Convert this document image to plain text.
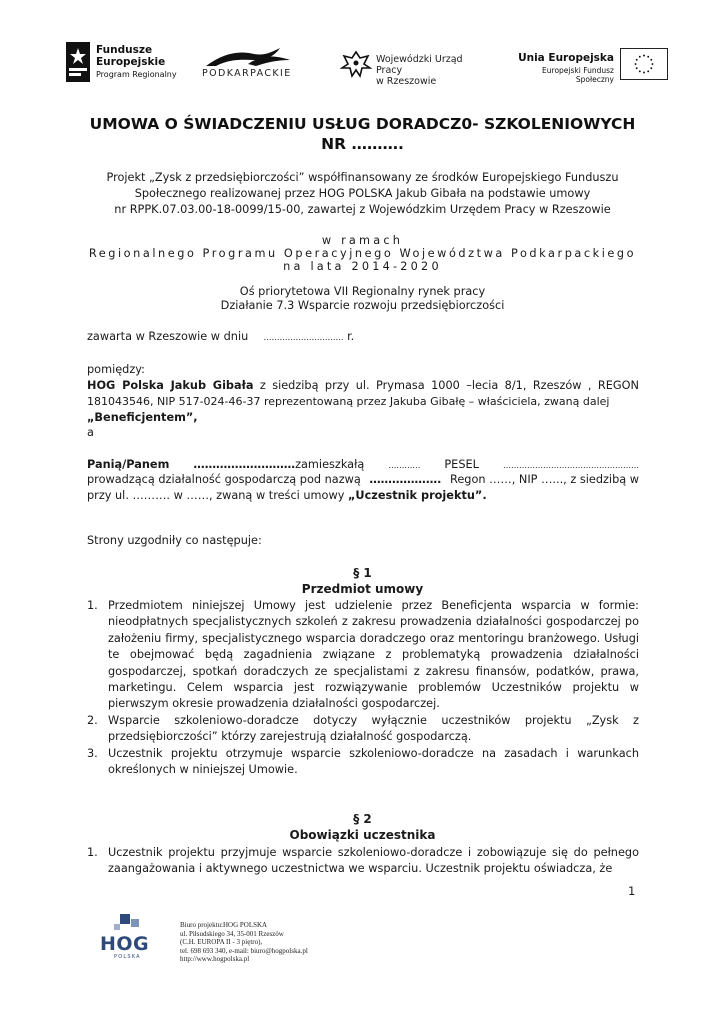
Fundusze
Europejskie
Program Regionalny	PODKARPACKIE
Wojewódzki Urząd Pracy
w Rzeszowie
Unia Europejska
Europejski Fundusz Społeczny
UMOWA O ŚWIADCZENIU USŁUG DORADCZ0- SZKOLENIOWYCH
NR ……….
Projekt „Zysk z przedsiębiorczości” współfinansowany ze środków Europejskiego Funduszu
Społecznego realizowanej przez HOG POLSKA Jakub Gibała na podstawie umowy
nr RPPK.07.03.00-18-0099/15-00, zawartej z Wojewódzkim Urzędem Pracy w Rzeszowie
w ramach
Regionalnego Programu Operacyjnego Województwa Podkarpackiego
na lata 2014-2020
Oś priorytetowa VII Regionalny rynek pracy
Działanie 7.3 Wsparcie rozwoju przedsiębiorczości
zawarta w Rzeszowie w dniu ………………………… r.
pomiędzy:
HOG Polska Jakub Gibała z siedzibą przy ul. Prymasa 1000 –lecia 8/1, Rzeszów , REGON
181043546, NIP 517-024-46-37 reprezentowaną przez Jakuba Gibałę – właściciela, zwaną dalej
„Beneficjentem”,
a
Panią/Panem ………………………zamieszkałą	………… PESEL	……………………………………………
prowadzącą działalność gospodarczą pod nazwą ………………. Regon ……, NIP …..., z siedzibą w
przy ul. ………. w ……, zwaną w treści umowy „Uczestnik projektu”.
Strony uzgodniły co następuje:
§ 1
Przedmiot umowy
1. Przedmiotem niniejszej Umowy jest udzielenie przez Beneficjenta wsparcia w formie: nieodpłatnych specjalistycznych szkoleń z zakresu prowadzenia działalności gospodarczej po założeniu firmy, specjalistycznego wsparcia doradczego oraz mentoringu branżowego. Usługi te obejmować będą zagadnienia związane z problematyką prowadzenia działalności gospodarczej, spotkań doradczych ze specjalistami z zakresu finansów, podatków, prawa, marketingu. Celem wsparcia jest rozwiązywanie problemów Uczestników projektu w pierwszym okresie prowadzenia działalności gospodarczej.
2. Wsparcie szkoleniowo-doradcze dotyczy wyłącznie uczestników projektu „Zysk z przedsiębiorczości” którzy zarejestrują działalność gospodarczą.
3. Uczestnik projektu otrzymuje wsparcie szkoleniowo-doradcze na zasadach i warunkach określonych w niniejszej Umowie.
§ 2
Obowiązki uczestnika
1. Uczestnik projektu przyjmuje wsparcie szkoleniowo-doradcze i zobowiązuje się do pełnego zaangażowania i aktywnego uczestnictwa we wsparciu. Uczestnik projektu oświadcza, że
1
HOG
POLSKA
Biuro projektu:HOG POLSKA
ul. Piłsudskiego 34, 35-001 Rzeszów
(C.H. EUROPA II - 3 piętro),
tel. 698 693 340, e-mail: biuro@hogpolska.pl
http://www.hogpolska.pl
